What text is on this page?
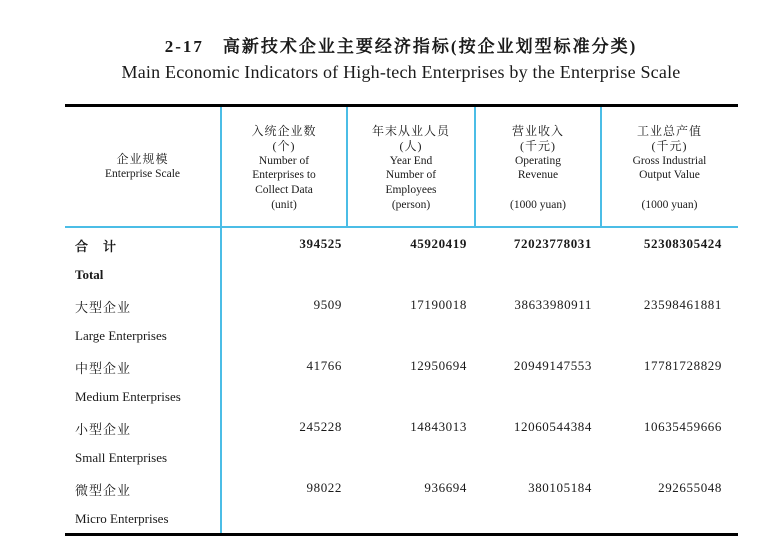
2-17　高新技术企业主要经济指标(按企业划型标准分类)
Main Economic Indicators of High-tech Enterprises by the Enterprise Scale
企业规模
Enterprise Scale
入统企业数
(个)
Number of
Enterprises to
Collect Data
(unit)
年末从业人员
(人)
Year End
Number of
Employees
(person)
营业收入
(千元)
Operating
Revenue
(1000 yuan)
工业总产值
(千元)
Gross Industrial
Output Value
(1000 yuan)
合　计
Total
394525	45920419	72023778031	52308305424
大型企业
Large Enterprises
9509	17190018	38633980911	23598461881
中型企业
Medium Enterprises
41766	12950694	20949147553	17781728829
小型企业
Small Enterprises
245228	14843013	12060544384	10635459666
微型企业
Micro Enterprises
98022	936694	380105184	292655048
